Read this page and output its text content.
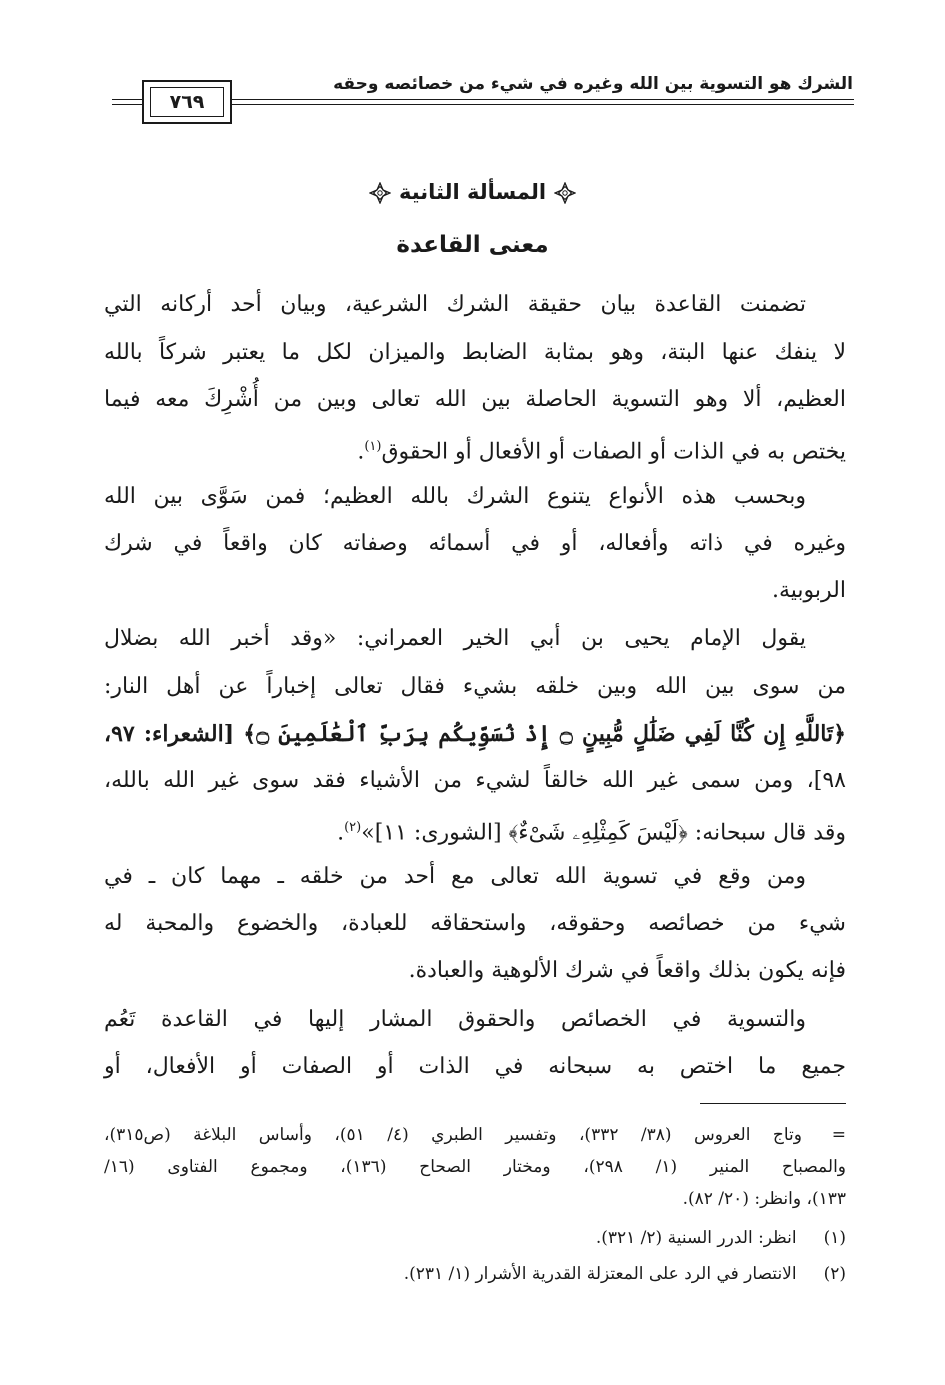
الشرك هو التسوية بين الله وغيره في شيء من خصائصه وحقه
٧٦٩
المسألة الثانية
معنى القاعدة
تضمنت القاعدة بيان حقيقة الشرك الشرعية، وبيان أحد أركانه التي
لا ينفك عنها البتة، وهو بمثابة الضابط والميزان لكل ما يعتبر شركاً بالله
العظيم، ألا وهو التسوية الحاصلة بين الله تعالى وبين من أُشْرِكَ معه فيما
يختص به في الذات أو الصفات أو الأفعال أو الحقوق$^{(١)}$.
وبحسب هذه الأنواع يتنوع الشرك بالله العظيم؛ فمن سَوَّى بين الله
وغيره في ذاته وأفعاله، أو في أسمائه وصفاته كان واقعاً في شرك
الربوبية.
يقول الإمام يحيى بن أبي الخير العمراني: «وقد أخبر الله بضلال
من سوى بين الله وبين خلقه بشيء فقال تعالى إخباراً عن أهل النار:
﴿تَاللَّهِ إِن كُنَّا لَفِي ضَلَٰلٍ مُّبِينٍ ۝ إِذْ نُسَوِّيكُم بِرَبِّ ٱلْعَٰلَمِينَ ۝﴾ [الشعراء: ٩٧،
٩٨]، ومن سمى غير الله خالقاً لشيء من الأشياء فقد سوى غير الله بالله،
وقد قال سبحانه: ﴿لَيْسَ كَمِثْلِهِۦ شَىْءٌ﴾ [الشورى: ١١]»$^{(٢)}$.
ومن وقع في تسوية الله تعالى مع أحد من خلقه ـ مهما كان ـ في
شيء من خصائصه وحقوقه، واستحقاقه للعبادة، والخضوع والمحبة له
فإنه يكون بذلك واقعاً في شرك الألوهية والعبادة.
والتسوية في الخصائص والحقوق المشار إليها في القاعدة تَعُم
جميع ما اختص به سبحانه في الذات أو الصفات أو الأفعال، أو
=وتاج العروس (٣٨/ ٣٣٢)، وتفسير الطبري (٤/ ٥١)، وأساس البلاغة (ص٣١٥)،
والمصباح المنير (١/ ٢٩٨)، ومختار الصحاح (١٣٦)، ومجموع الفتاوى (١٦/
١٣٣)، وانظر: (٢٠/ ٨٢).
(١) انظر: الدرر السنية (٢/ ٣٢١).
(٢) الانتصار في الرد على المعتزلة القدرية الأشرار (١/ ٢٣١).
